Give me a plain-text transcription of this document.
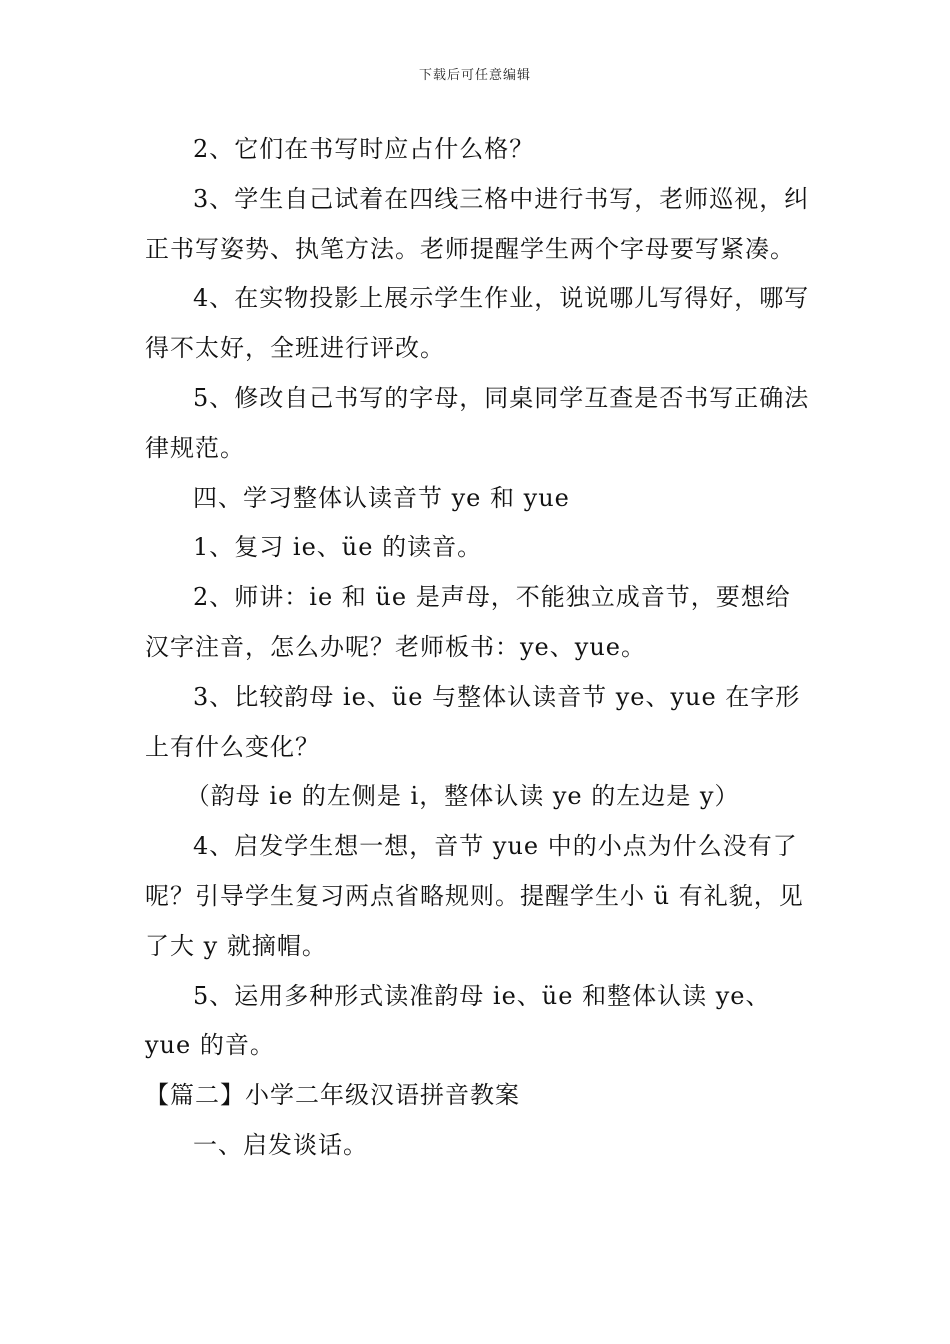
下载后可任意编辑

2、它们在书写时应占什么格？

3、学生自己试着在四线三格中进行书写，老师巡视，纠正书写姿势、执笔方法。老师提醒学生两个字母要写紧凑。

4、在实物投影上展示学生作业，说说哪儿写得好，哪写得不太好，全班进行评改。

5、修改自己书写的字母，同桌同学互查是否书写正确法律规范。

四、学习整体认读音节 ye 和 yue

1、复习 ie、üe 的读音。

2、师讲：ie 和 üe 是声母，不能独立成音节，要想给汉字注音，怎么办呢？老师板书：ye、yue。

3、比较韵母 ie、üe 与整体认读音节 ye、yue 在字形上有什么变化？

（韵母 ie 的左侧是 i，整体认读 ye 的左边是 y）

4、启发学生想一想，音节 yue 中的小点为什么没有了呢？引导学生复习两点省略规则。提醒学生小 ü 有礼貌，见了大 y 就摘帽。

5、运用多种形式读准韵母 ie、üe 和整体认读 ye、yue 的音。

【篇二】小学二年级汉语拼音教案

一、启发谈话。
